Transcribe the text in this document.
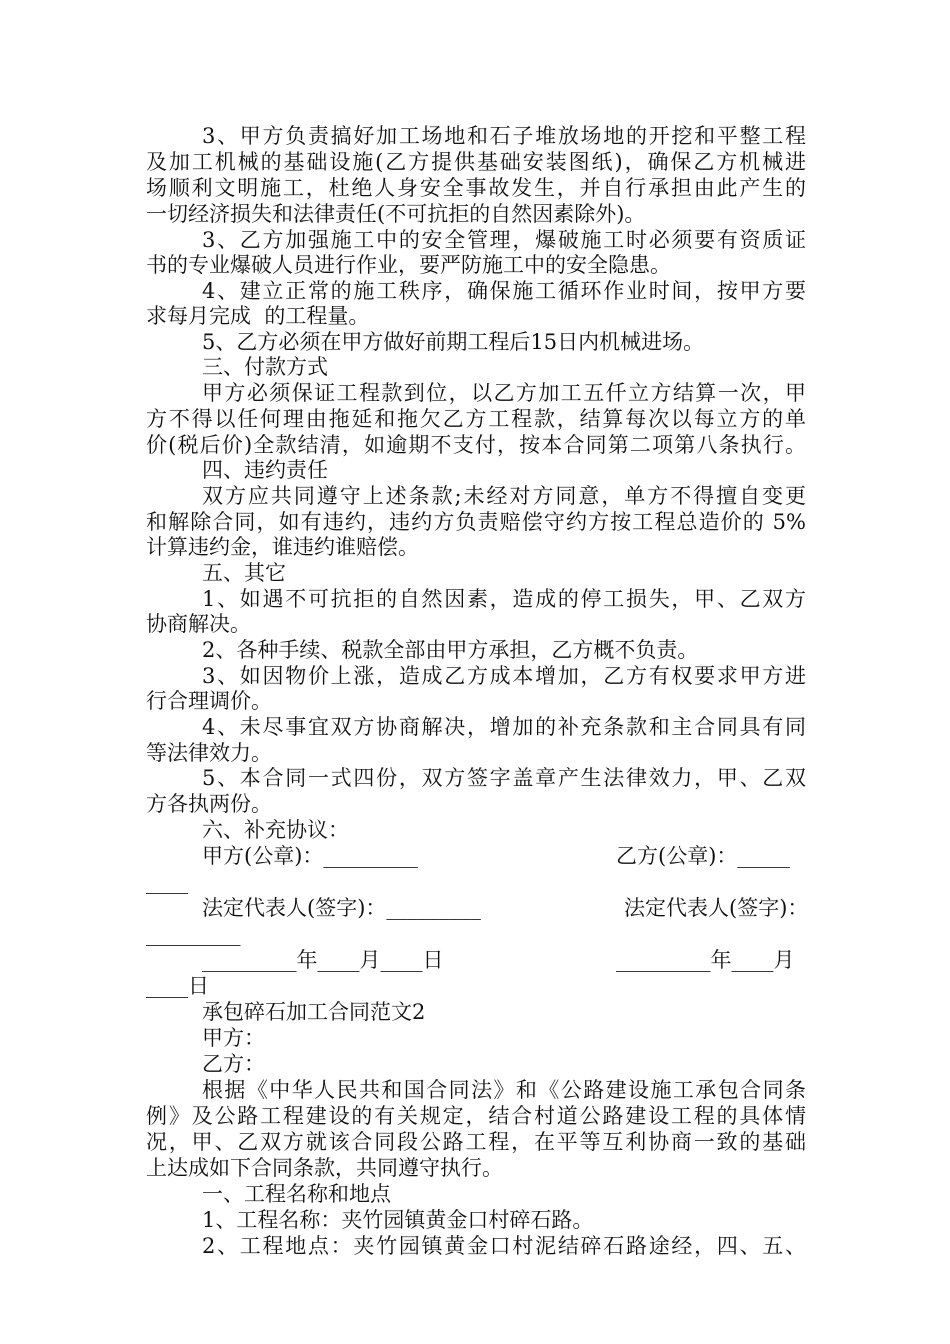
3、甲方负责搞好加工场地和石子堆放场地的开挖和平整工程
及加工机械的基础设施(乙方提供基础安装图纸)，确保乙方机械进
场顺利文明施工，杜绝人身安全事故发生，并自行承担由此产生的
一切经济损失和法律责任(不可抗拒的自然因素除外)。
3、乙方加强施工中的安全管理，爆破施工时必须要有资质证
书的专业爆破人员进行作业，要严防施工中的安全隐患。
4、建立正常的施工秩序，确保施工循环作业时间，按甲方要
求每月完成  的工程量。
5、乙方必须在甲方做好前期工程后15日内机械进场。
三、付款方式
甲方必须保证工程款到位，以乙方加工五仟立方结算一次，甲
方不得以任何理由拖延和拖欠乙方工程款，结算每次以每立方的单
价(税后价)全款结清，如逾期不支付，按本合同第二项第八条执行。
四、违约责任
双方应共同遵守上述条款;未经对方同意，单方不得擅自变更
和解除合同，如有违约，违约方负责赔偿守约方按工程总造价的 5%
计算违约金，谁违约谁赔偿。
五、其它
1、如遇不可抗拒的自然因素，造成的停工损失，甲、乙双方
协商解决。
2、各种手续、税款全部由甲方承担，乙方概不负责。
3、如因物价上涨，造成乙方成本增加，乙方有权要求甲方进
行合理调价。
4、未尽事宜双方协商解决，增加的补充条款和主合同具有同
等法律效力。
5、本合同一式四份，双方签字盖章产生法律效力，甲、乙双
方各执两份。
六、补充协议：
甲方(公章)：_________	乙方(公章)：_____
____
法定代表人(签字)：_________	法定代表人(签字)：
_________
_________年____月____日	_________年____月
____日
承包碎石加工合同范文2
甲方：
乙方：
根据《中华人民共和国合同法》和《公路建设施工承包合同条
例》及公路工程建设的有关规定，结合村道公路建设工程的具体情
况，甲、乙双方就该合同段公路工程，在平等互利协商一致的基础
上达成如下合同条款，共同遵守执行。
一、工程名称和地点
1、工程名称：夹竹园镇黄金口村碎石路。
2、工程地点：夹竹园镇黄金口村泥结碎石路途经，四、五、
